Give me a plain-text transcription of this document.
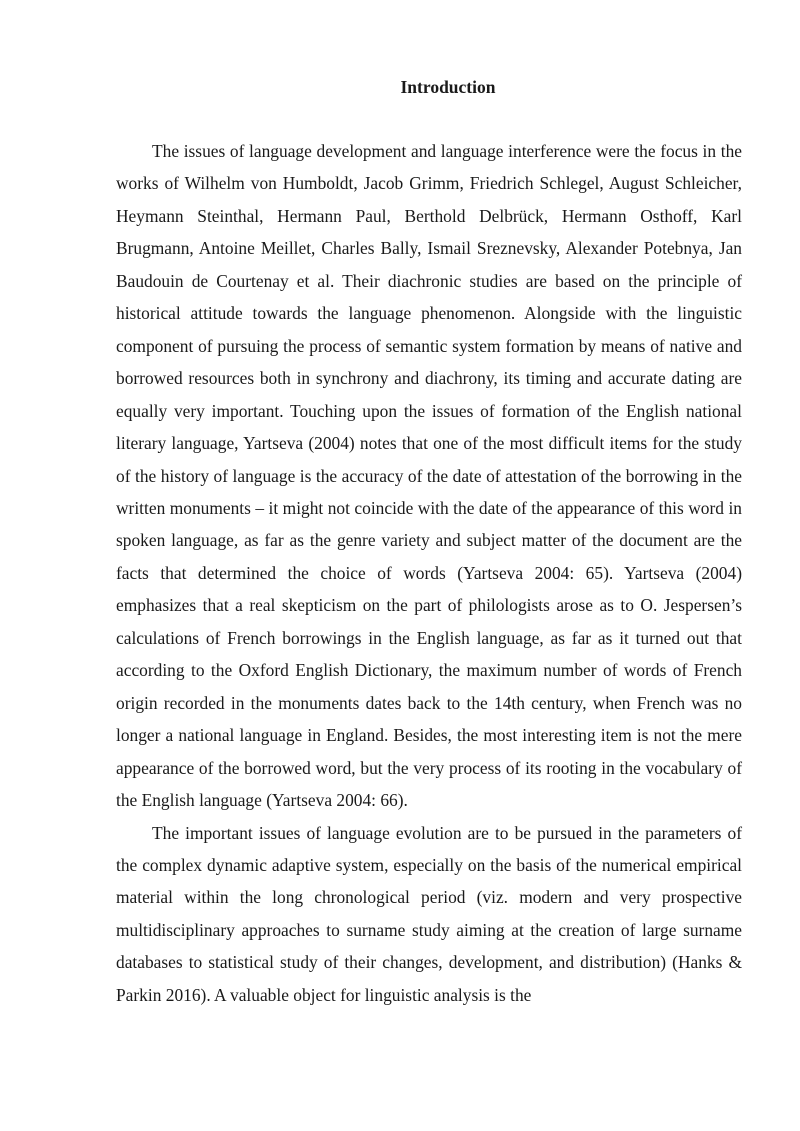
Introduction

The issues of language development and language interference were the focus in the works of Wilhelm von Humboldt, Jacob Grimm, Friedrich Schlegel, August Schleicher, Heymann Steinthal, Hermann Paul, Berthold Delbrück, Hermann Osthoff, Karl Brugmann, Antoine Meillet, Charles Bally, Ismail Sreznevsky, Alexander Potebnya, Jan Baudouin de Courtenay et al. Their diachronic studies are based on the principle of historical attitude towards the language phenomenon. Alongside with the linguistic component of pursuing the process of semantic system formation by means of native and borrowed resources both in synchrony and diachrony, its timing and accurate dating are equally very important. Touching upon the issues of formation of the English national literary language, Yartseva (2004) notes that one of the most difficult items for the study of the history of language is the accuracy of the date of attestation of the borrowing in the written monuments – it might not coincide with the date of the appearance of this word in spoken language, as far as the genre variety and subject matter of the document are the facts that determined the choice of words (Yartseva 2004: 65). Yartseva (2004) emphasizes that a real skepticism on the part of philologists arose as to O. Jespersen’s calculations of French borrowings in the English language, as far as it turned out that according to the Oxford English Dictionary, the maximum number of words of French origin recorded in the monuments dates back to the 14th century, when French was no longer a national language in England. Besides, the most interesting item is not the mere appearance of the borrowed word, but the very process of its rooting in the vocabulary of the English language (Yartseva 2004: 66).

The important issues of language evolution are to be pursued in the parameters of the complex dynamic adaptive system, especially on the basis of the numerical empirical material within the long chronological period (viz. modern and very prospective multidisciplinary approaches to surname study aiming at the creation of large surname databases to statistical study of their changes, development, and distribution) (Hanks & Parkin 2016). A valuable object for linguistic analysis is the
